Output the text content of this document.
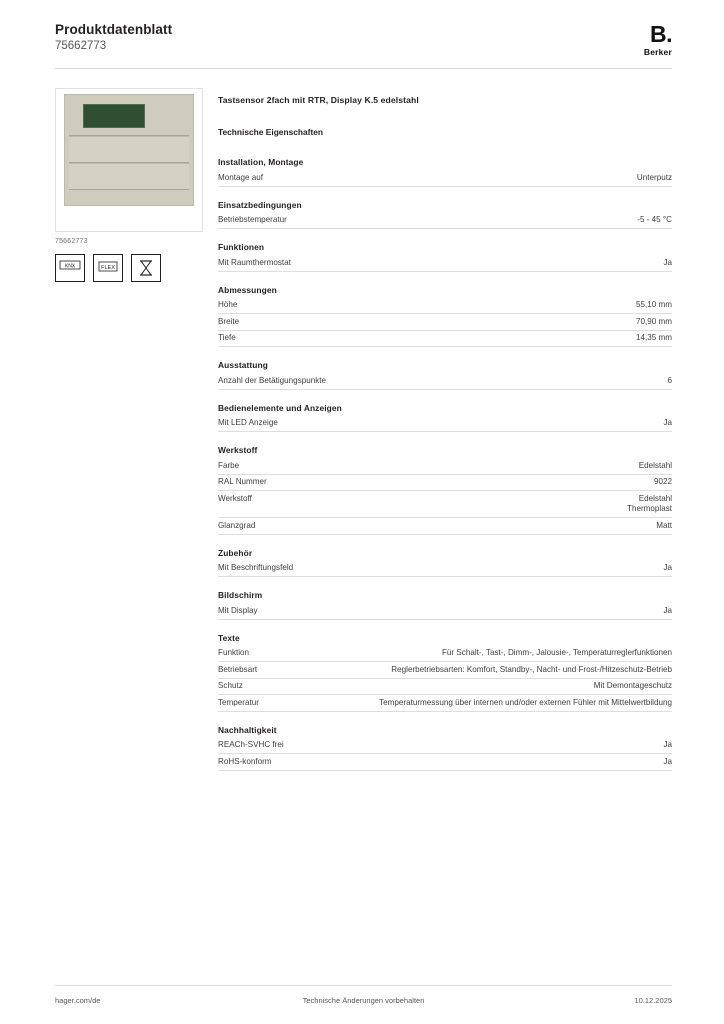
Produktdatenblatt
75662773	B.
Berker
75662773
KNX	FLEX
Tastsensor 2fach mit RTR, Display K.5 edelstahl
Technische Eigenschaften
Installation, Montage
Montage auf	Unterputz
Einsatzbedingungen
Betriebstemperatur	-5 - 45 °C
Funktionen
Mit Raumthermostat	Ja
Abmessungen
Höhe	55,10 mm
Breite	70,90 mm
Tiefe	14,35 mm
Ausstattung
Anzahl der Betätigungspunkte	6
Bedienelemente und Anzeigen
Mit LED Anzeige	Ja
Werkstoff
Farbe	Edelstahl
RAL Nummer	9022
Werkstoff	Edelstahl
Thermoplast
Glanzgrad	Matt
Zubehör
Mit Beschriftungsfeld	Ja
Bildschirm
Mit Display	Ja
Texte
Funktion	Für Schalt-, Tast-, Dimm-, Jalousie-, Temperaturreglerfunktionen
Betriebsart	Reglerbetriebsarten: Komfort, Standby-, Nacht- und Frost-/Hitzeschutz-Betrieb
Schutz	Mit Demontageschutz
Temperatur	Temperaturmessung über internen und/oder externen Fühler mit Mittelwertbildung
Nachhaltigkeit
REACh-SVHC frei	Ja
RoHS-konform	Ja
hager.com/de	Technische Änderungen vorbehalten	10.12.2025
